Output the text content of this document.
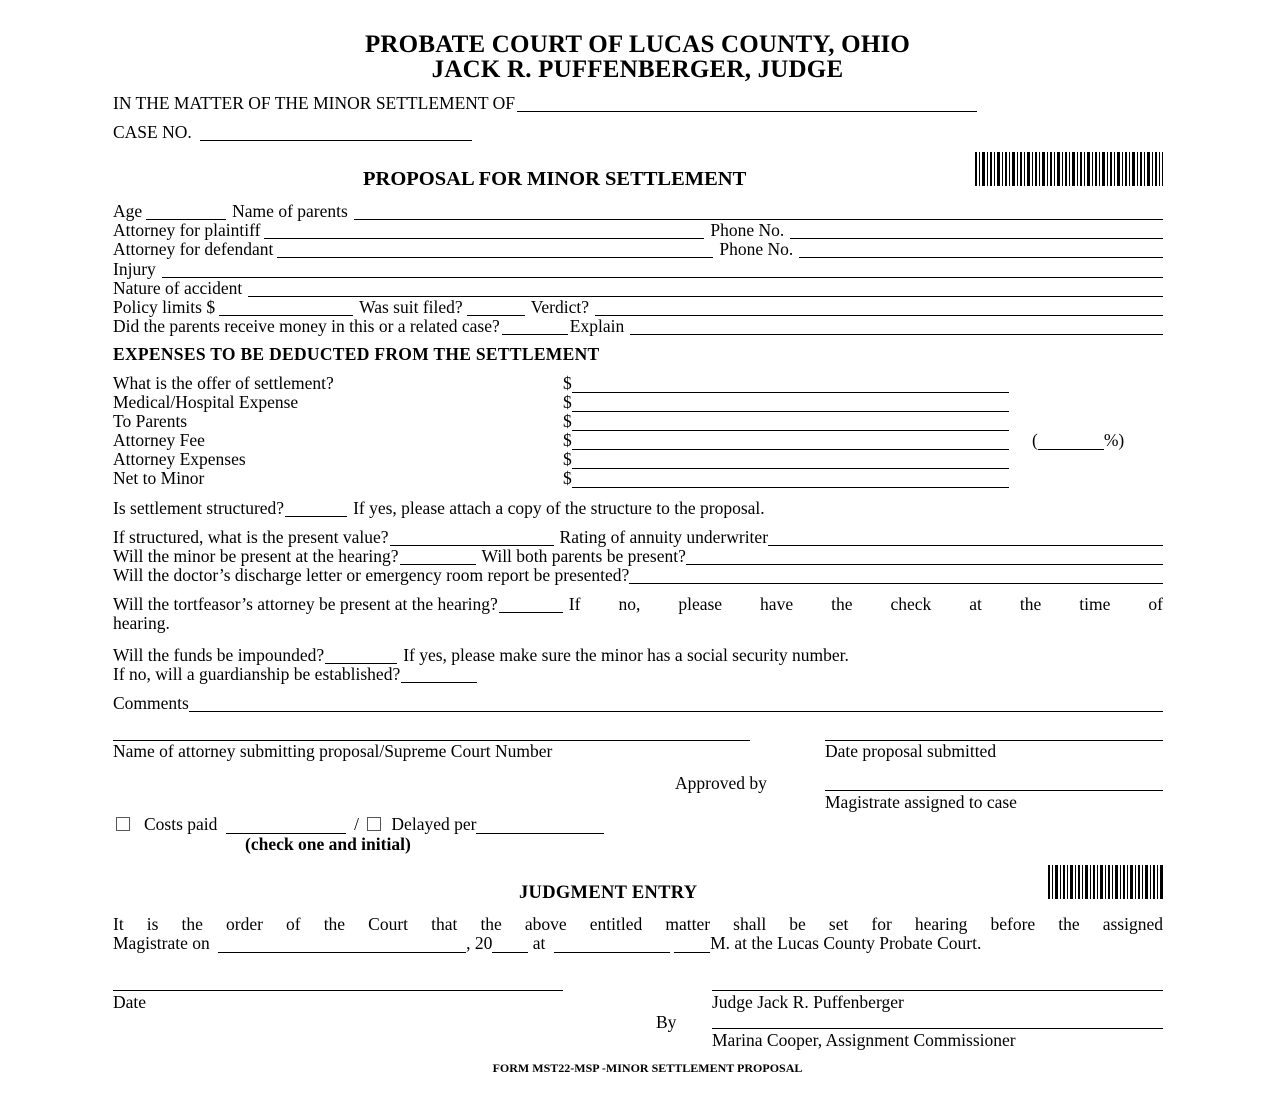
PROBATE COURT OF LUCAS COUNTY, OHIO
JACK R. PUFFENBERGER, JUDGE
IN THE MATTER OF THE MINOR SETTLEMENT OF
CASE NO.
PROPOSAL FOR MINOR SETTLEMENT
Age	Name of parents
Attorney for plaintiff	Phone No.
Attorney for defendant	Phone No.
Injury
Nature of accident
Policy limits $	Was suit filed?	Verdict?
Did the parents receive money in this or a related case?	Explain
EXPENSES TO BE DEDUCTED FROM THE SETTLEMENT
What is the offer of settlement?	$
Medical/Hospital Expense	$
To Parents	$
Attorney Fee	$	(	%)
Attorney Expenses	$
Net to Minor	$
Is settlement structured?	If yes, please attach a copy of the structure to the proposal.
If structured, what is the present value?	Rating of annuity underwriter
Will the minor be present at the hearing?	Will both parents be present?
Will the doctor’s discharge letter or emergency room report be presented?
Will the tortfeasor’s attorney be present at the hearing?	If no, please have the check at the time of
hearing.
Will the funds be impounded?	If yes, please make sure the minor has a social security number.
If no, will a guardianship be established?
Comments
Name of attorney submitting proposal/Supreme Court Number	Date proposal submitted
Approved by
Magistrate assigned to case
Costs paid	/ Delayed per
(check one and initial)
JUDGMENT ENTRY
It is the order of the Court that the above entitled matter shall be set for hearing before the assigned
Magistrate on	, 20 at	M. at the Lucas County Probate Court.
Date	Judge Jack R. Puffenberger
By
Marina Cooper, Assignment Commissioner
FORM MST22-MSP -MINOR SETTLEMENT PROPOSAL
